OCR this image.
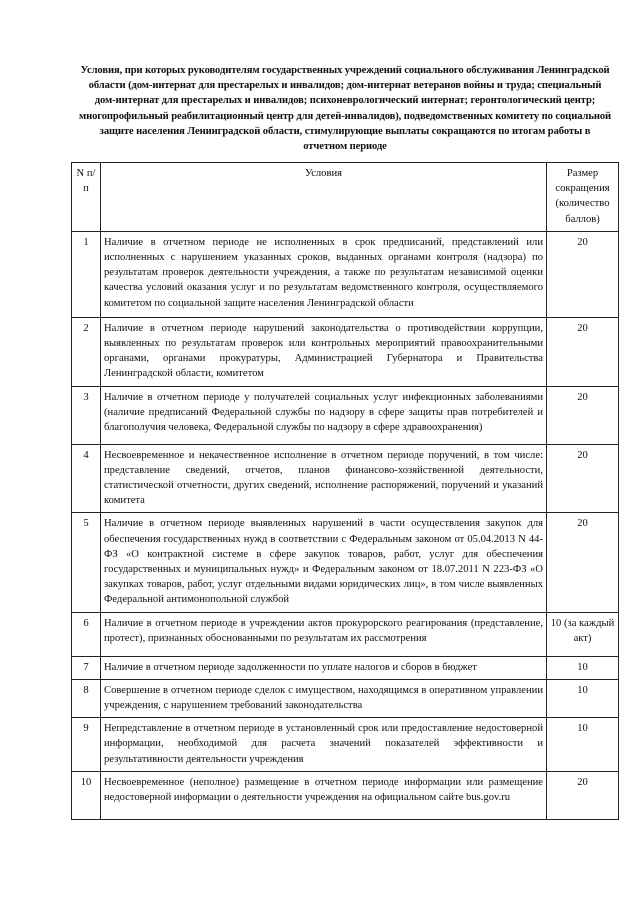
Условия, при которых руководителям государственных учреждений социального обслуживания Ленинградской области (дом-интернат для престарелых и инвалидов; дом-интернат ветеранов войны и труда; специальный дом-интернат для престарелых и инвалидов; психоневрологический интернат; геронтологический центр; многопрофильный реабилитационный центр для детей-инвалидов), подведомственных комитету по социальной защите населения Ленинградской области, стимулирующие выплаты сокращаются по итогам работы в отчетном периоде
N п/п	Условия	Размер сокращения (количество баллов)
1	Наличие в отчетном периоде не исполненных в срок предписаний, представлений или исполненных с нарушением указанных сроков, выданных органами контроля (надзора) по результатам проверок деятельности учреждения, а также по результатам независимой оценки качества условий оказания услуг и по результатам ведомственного контроля, осуществляемого комитетом по социальной защите населения Ленинградской области	20
2	Наличие в отчетном периоде нарушений законодательства о противодействии коррупции, выявленных по результатам проверок или контрольных мероприятий правоохранительными органами, органами прокуратуры, Администрацией Губернатора и Правительства Ленинградской области, комитетом	20
3	Наличие в отчетном периоде у получателей социальных услуг инфекционных заболеваниями (наличие предписаний Федеральной службы по надзору в сфере защиты прав потребителей и благополучия человека, Федеральной службы по надзору в сфере здравоохранения)	20
4	Несвоевременное и некачественное исполнение в отчетном периоде поручений, в том числе: представление сведений, отчетов, планов финансово-хозяйственной деятельности, статистической отчетности, других сведений, исполнение распоряжений, поручений и указаний комитета	20
5	Наличие в отчетном периоде выявленных нарушений в части осуществления закупок для обеспечения государственных нужд в соответствии с Федеральным законом от 05.04.2013 N 44-ФЗ «О контрактной системе в сфере закупок товаров, работ, услуг для обеспечения государственных и муниципальных нужд» и Федеральным законом от 18.07.2011 N 223-ФЗ «О закупках товаров, работ, услуг отдельными видами юридических лиц», в том числе выявленных Федеральной антимонопольной службой	20
6	Наличие в отчетном периоде в учреждении актов прокурорского реагирования (представление, протест), признанных обоснованными по результатам их рассмотрения	10 (за каждый акт)
7	Наличие в отчетном периоде задолженности по уплате налогов и сборов в бюджет	10
8	Совершение в отчетном периоде сделок с имуществом, находящимся в оперативном управлении учреждения, с нарушением требований законодательства	10
9	Непредставление в отчетном периоде в установленный срок или предоставление недостоверной информации, необходимой для расчета значений показателей эффективности и результативности деятельности учреждения	10
10	Несвоевременное (неполное) размещение в отчетном периоде информации или размещение недостоверной информации о деятельности учреждения на официальном сайте bus.gov.ru	20
